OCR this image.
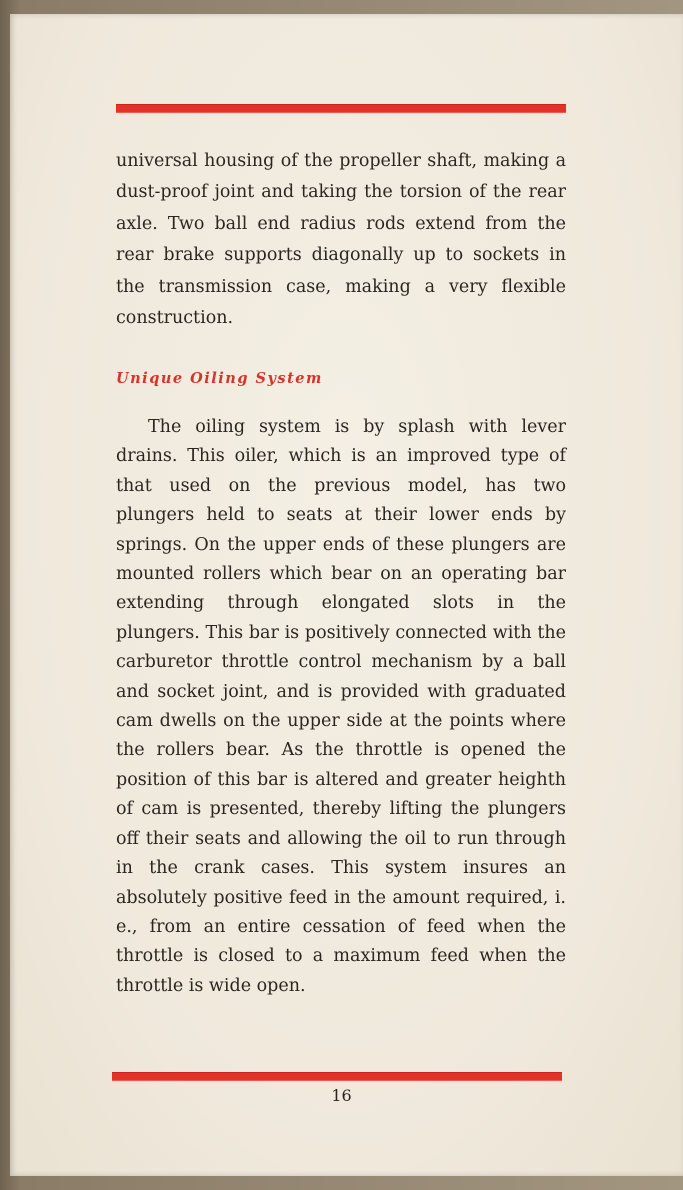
universal housing of the propeller shaft, making a dust-proof joint and taking the torsion of the rear axle. Two ball end radius rods extend from the rear brake supports diagonally up to sockets in the transmission case, making a very flexible construction.

Unique Oiling System

The oiling system is by splash with lever drains. This oiler, which is an improved type of that used on the previous model, has two plungers held to seats at their lower ends by springs. On the upper ends of these plungers are mounted rollers which bear on an operating bar extending through elongated slots in the plungers. This bar is positively connected with the carburetor throttle control mechanism by a ball and socket joint, and is provided with graduated cam dwells on the upper side at the points where the rollers bear. As the throttle is opened the position of this bar is altered and greater heighth of cam is presented, thereby lifting the plungers off their seats and allowing the oil to run through in the crank cases. This system insures an absolutely positive feed in the amount required, i. e., from an entire cessation of feed when the throttle is closed to a maximum feed when the throttle is wide open.

16
